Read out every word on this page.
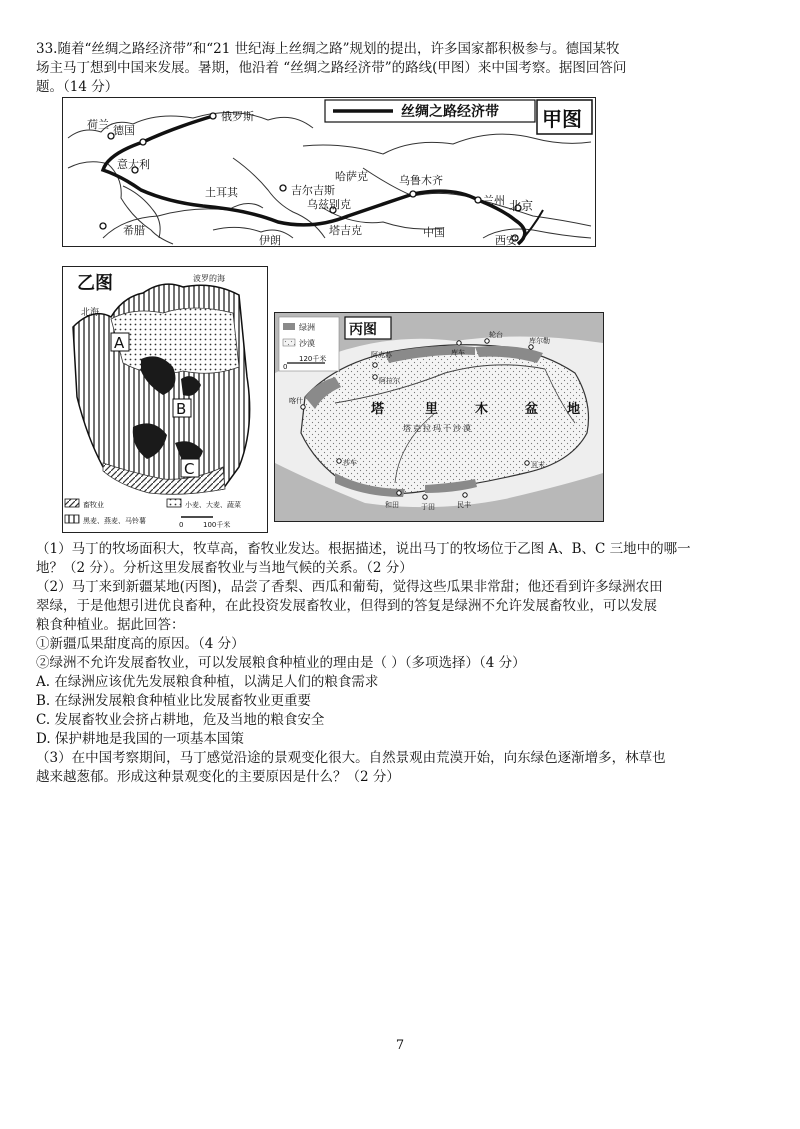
33.随着“丝绸之路经济带”和“21 世纪海上丝绸之路”规划的提出，许多国家都积极参与。德国某牧
场主马丁想到中国来发展。暑期，他沿着 “丝绸之路经济带”的路线(甲图）来中国考察。据图回答问
题。（14 分）
丝绸之路经济带 甲图
俄罗斯
荷兰 德国
意大利
土耳其
希腊
伊朗
吉尔吉斯
乌兹别克
塔吉克
哈萨克	乌鲁木齐
兰州 北京
中国
西安
乙图
北海
波罗的海
A
B
C
畜牧业	小麦、大麦、蔬菜
黑麦、燕麦、马铃薯	0	100千米
绿洲
沙漠
0
120千米
丙图
塔	里	木	盆 地
塔克拉玛干沙漠
阿克苏
阿拉尔
库车
轮台
库尔勒
喀什
莎车
和田	于田	民丰
且末
（1）马丁的牧场面积大，牧草高，畜牧业发达。根据描述，说出马丁的牧场位于乙图 A、B、C 三地中的哪一
地？（2 分）。分析这里发展畜牧业与当地气候的关系。（2 分）
（2）马丁来到新疆某地(丙图)，品尝了香梨、西瓜和葡萄，觉得这些瓜果非常甜；他还看到许多绿洲农田
翠绿，于是他想引进优良畜种，在此投资发展畜牧业，但得到的答复是绿洲不允许发展畜牧业，可以发展
粮食种植业。据此回答：
①新疆瓜果甜度高的原因。（4 分）
②绿洲不允许发展畜牧业，可以发展粮食种植业的理由是（ ）（多项选择）（4 分）
A. 在绿洲应该优先发展粮食种植，以满足人们的粮食需求
B. 在绿洲发展粮食种植业比发展畜牧业更重要
C. 发展畜牧业会挤占耕地，危及当地的粮食安全
D. 保护耕地是我国的一项基本国策
（3）在中国考察期间，马丁感觉沿途的景观变化很大。自然景观由荒漠开始，向东绿色逐渐增多，林草也
越来越葱郁。形成这种景观变化的主要原因是什么？（2 分）
7
